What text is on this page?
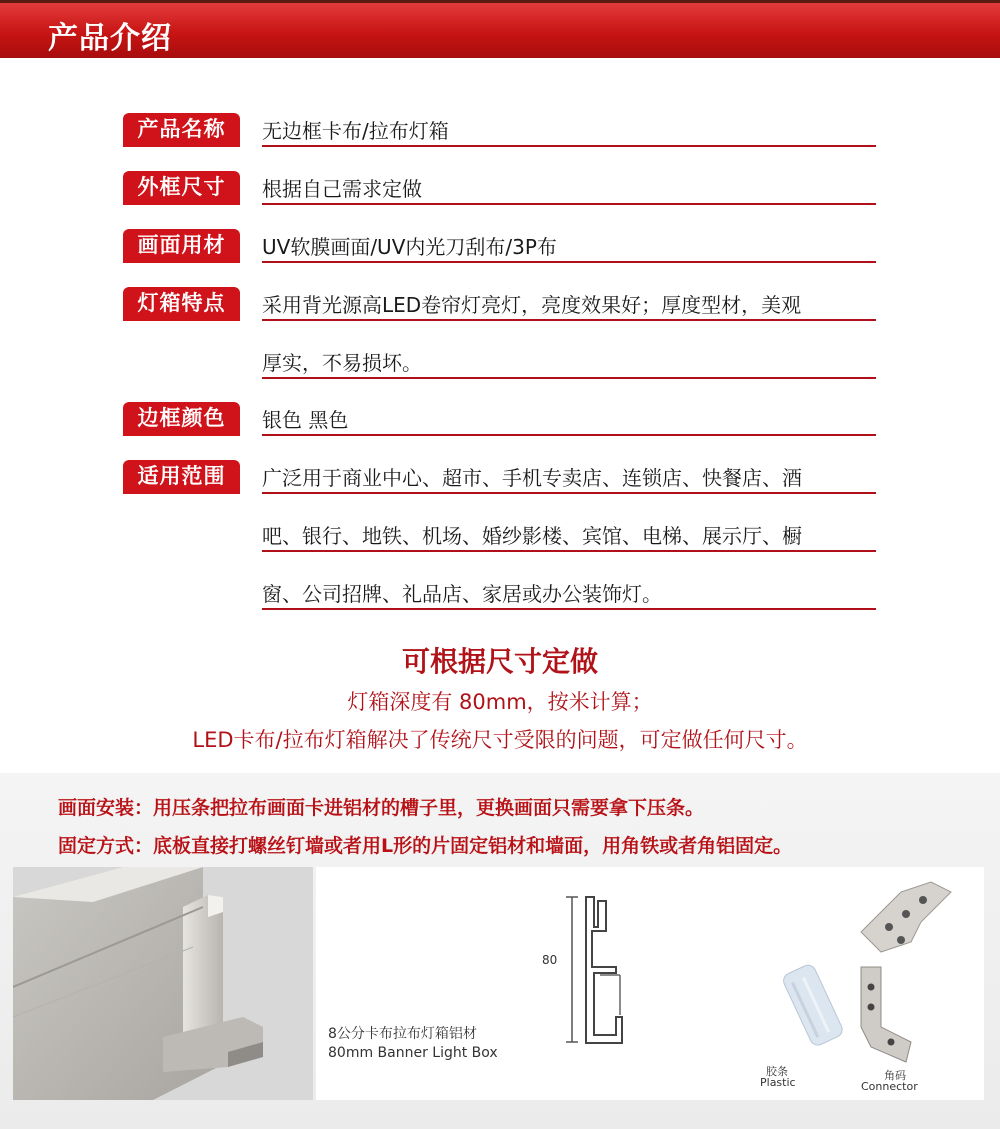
产品介绍
产品名称	无边框卡布/拉布灯箱
外框尺寸	根据自己需求定做
画面用材	UV软膜画面/UV内光刀刮布/3P布
灯箱特点	采用背光源高LED卷帘灯亮灯，亮度效果好；厚度型材，美观
厚实，不易损坏。
边框颜色	银色 黑色
适用范围	广泛用于商业中心、超市、手机专卖店、连锁店、快餐店、酒
吧、银行、地铁、机场、婚纱影楼、宾馆、电梯、展示厅、橱
窗、公司招牌、礼品店、家居或办公装饰灯。
可根据尺寸定做
灯箱深度有 80mm，按米计算；
LED卡布/拉布灯箱解决了传统尺寸受限的问题，可定做任何尺寸。
画面安装：用压条把拉布画面卡进铝材的槽子里，更换画面只需要拿下压条。
固定方式：底板直接打螺丝钉墙或者用L形的片固定铝材和墙面，用角铁或者角铝固定。
80
8公分卡布拉布灯箱铝材
80mm Banner Light Box
胶条
Plastic
角码
Connector
